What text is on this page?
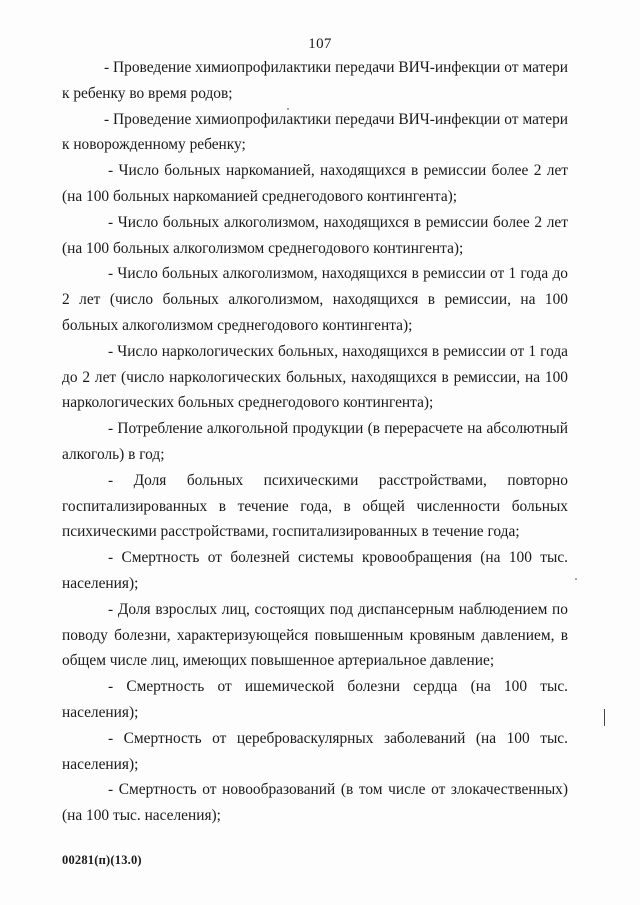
107

- Проведение химиопрофилактики передачи ВИЧ-инфекции от матери к ребенку во время родов;

- Проведение химиопрофилактики передачи ВИЧ-инфекции от матери к новорожденному ребенку;

- Число больных наркоманией, находящихся в ремиссии более 2 лет (на 100 больных наркоманией среднегодового контингента);

- Число больных алкоголизмом, находящихся в ремиссии более 2 лет (на 100 больных алкоголизмом среднегодового контингента);

- Число больных алкоголизмом, находящихся в ремиссии от 1 года до 2 лет (число больных алкоголизмом, находящихся в ремиссии, на 100 больных алкоголизмом среднегодового контингента);

- Число наркологических больных, находящихся в ремиссии от 1 года до 2 лет (число наркологических больных, находящихся в ремиссии, на 100 наркологических больных среднегодового контингента);

- Потребление алкогольной продукции (в перерасчете на абсолютный алкоголь) в год;

- Доля больных психическими расстройствами, повторно госпитализированных в течение года, в общей численности больных психическими расстройствами, госпитализированных в течение года;

- Смертность от болезней системы кровообращения (на 100 тыс. населения);

- Доля взрослых лиц, состоящих под диспансерным наблюдением по поводу болезни, характеризующейся повышенным кровяным давлением, в общем числе лиц, имеющих повышенное артериальное давление;

- Смертность от ишемической болезни сердца (на 100 тыс. населения);

- Смертность от цереброваскулярных заболеваний (на 100 тыс. населения);

- Смертность от новообразований (в том числе от злокачественных) (на 100 тыс. населения);

00281(п)(13.0)
